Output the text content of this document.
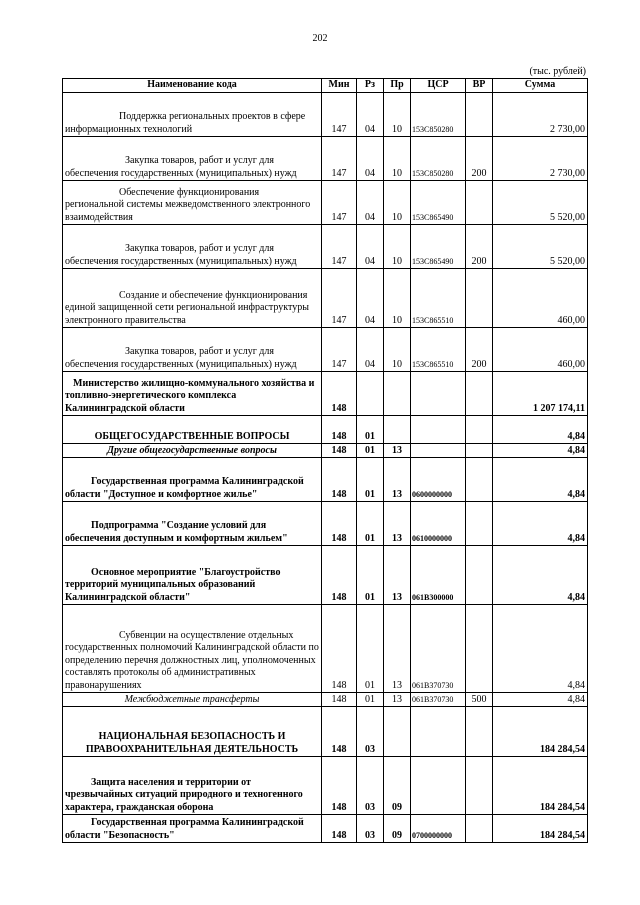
202
(тыс. рублей)
Наименование кода	Мин	Рз	Пр	ЦСР	ВР	Сумма

Поддержка региональных проектов в сфере информационных технологий	147	04	10	153С850280		2 730,00

Закупка товаров, работ и услуг для обеспечения государственных (муниципальных) нужд	147	04	10	153С850280	200	2 730,00

Обеспечение функционирования региональной системы межведомственного электронного взаимодействия	147	04	10	153С865490		5 520,00

Закупка товаров, работ и услуг для обеспечения государственных (муниципальных) нужд	147	04	10	153С865490	200	5 520,00

Создание и обеспечение функционирования единой защищенной сети региональной инфраструктуры электронного правительства	147	04	10	153С865510		460,00

Закупка товаров, работ и услуг для обеспечения государственных (муниципальных) нужд	147	04	10	153С865510	200	460,00

Министерство жилищно-коммунального хозяйства и топливно-энергетического комплекса Калининградской области	148					1 207 174,11

ОБЩЕГОСУДАРСТВЕННЫЕ ВОПРОСЫ	148	01				4,84

Другие общегосударственные вопросы	148	01	13			4,84

Государственная программа Калининградской области "Доступное и комфортное жилье"	148	01	13	0600000000		4,84

Подпрограмма "Создание условий для обеспечения доступным и комфортным жильем"	148	01	13	0610000000		4,84

Основное мероприятие "Благоустройство территорий муниципальных образований Калининградской области"	148	01	13	061В300000		4,84

Субвенции на осуществление отдельных государственных полномочий Калининградской области по определению перечня должностных лиц, уполномоченных составлять протоколы об административных правонарушениях	148	01	13	061В370730		4,84

Межбюджетные трансферты	148	01	13	061В370730	500	4,84

НАЦИОНАЛЬНАЯ БЕЗОПАСНОСТЬ И ПРАВООХРАНИТЕЛЬНАЯ ДЕЯТЕЛЬНОСТЬ	148	03				184 284,54

Защита населения и территории от чрезвычайных ситуаций природного и техногенного характера, гражданская оборона	148	03	09			184 284,54

Государственная программа Калининградской области "Безопасность"	148	03	09	0700000000		184 284,54
